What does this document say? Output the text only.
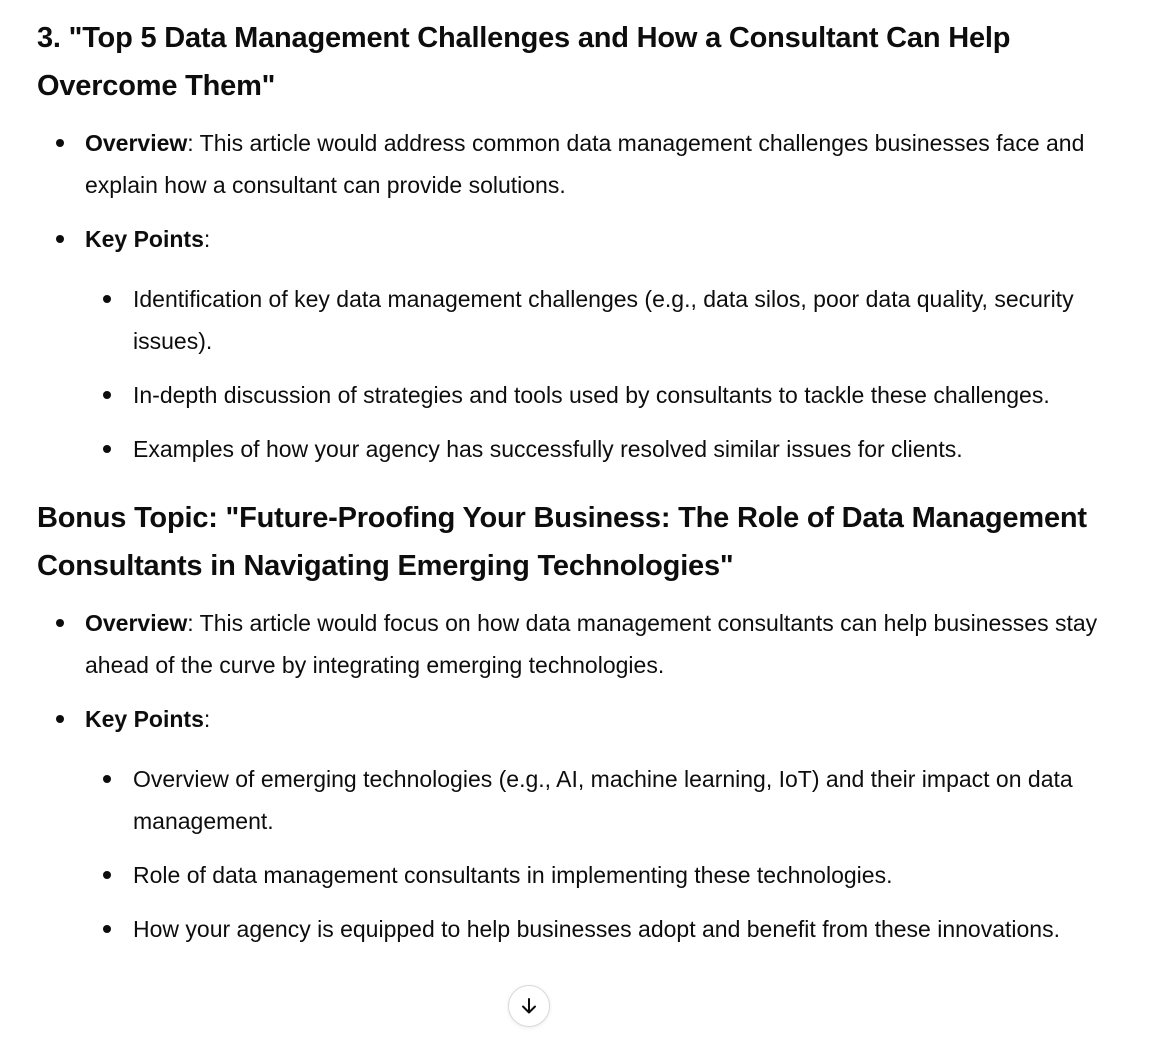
3. "Top 5 Data Management Challenges and How a Consultant Can Help Overcome Them"
Overview: This article would address common data management challenges businesses face and explain how a consultant can provide solutions.
Key Points:
Identification of key data management challenges (e.g., data silos, poor data quality, security issues).
In-depth discussion of strategies and tools used by consultants to tackle these challenges.
Examples of how your agency has successfully resolved similar issues for clients.
Bonus Topic: "Future-Proofing Your Business: The Role of Data Management Consultants in Navigating Emerging Technologies"
Overview: This article would focus on how data management consultants can help businesses stay ahead of the curve by integrating emerging technologies.
Key Points:
Overview of emerging technologies (e.g., AI, machine learning, IoT) and their impact on data management.
Role of data management consultants in implementing these technologies.
How your agency is equipped to help businesses adopt and benefit from these innovations.
